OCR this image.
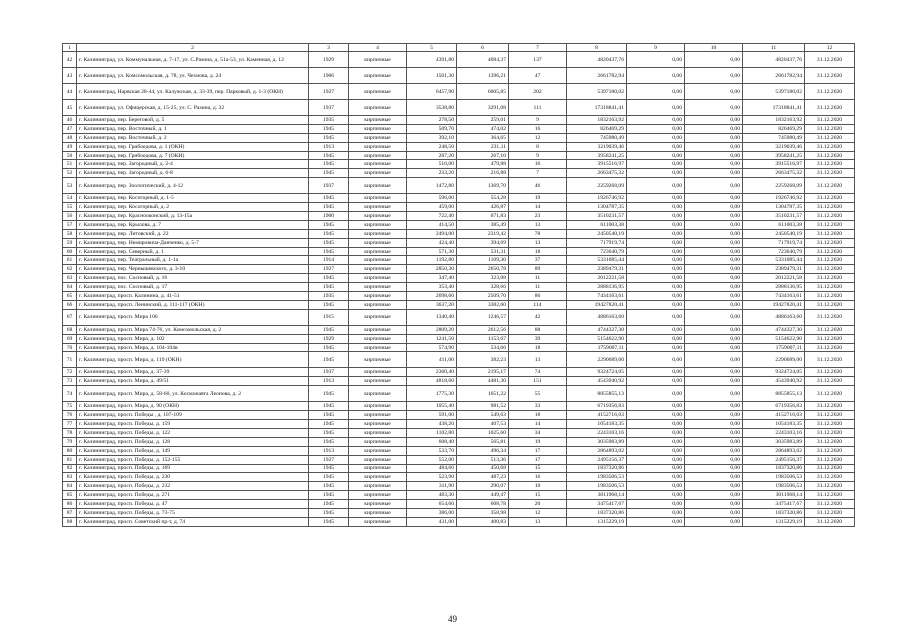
1	2	3	4	5	6	7	8	9	10	11	12
42	г. Калининград, ул. Коммунальная, д. 7-17, ул. С.Разина, д. 51а-53, ул. Каменная, д. 12	1929	кирпичные	4391,80	4084,37	137	4820437,76	0,00	0,00	4820437,76	31.12.2020
43	г. Калининград, ул. Комсомольская, д. 78, ул. Чехнова, д. 24	1906	кирпичные	1501,30	1396,21	47	2661782,94	0,00	0,00	2661782,94	31.12.2020
44	г. Калининград, Нарвская 28-44, ул. Калужская, д. 33-39, пер. Парковый, д. 1-3 (ОКН)	1927	кирпичные	6457,90	6005,85	202	5397180,02	0,00	0,00	5397180,02	31.12.2020
45	г. Калининград, ул. Офицерская, д. 15-25, ул. С. Разина, д. 32	1937	кирпичные	3538,80	3291,08	111	17318841,41	0,00	0,00	17318841,41	31.12.2020
46	г. Калининград, пер. Береговой, д. 5	1935	кирпичные	278,50	259,01	9	1832163,92	0,00	0,00	1832163,92	31.12.2020
47	г. Калининград, пер. Восточный, д. 1	1945	кирпичные	509,70	474,02	16	826469,29	0,00	0,00	826469,29	31.12.2020
48	г. Калининград, пер. Восточный, д. 2	1945	кирпичные	392,10	364,65	12	745980,49	0,00	0,00	745980,49	31.12.2020
49	г. Калининград, пер. Грибоедова, д. 1 (ОКН)	1913	кирпичные	248,50	231,11	8	3219039,46	0,00	0,00	3219039,46	31.12.2020
50	г. Калининград, пер. Грибоедова, д. 7 (ОКН)	1945	кирпичные	287,20	267,10	9	3958241,25	0,00	0,00	3958241,25	31.12.2020
51	г. Калининград, пер. Загородный, д. 2-4	1945	кирпичные	516,00	479,88	16	3915516,97	0,00	0,00	3915516,97	31.12.2020
52	г. Калининград, пер. Загородный, д. 6-8	1945	кирпичные	233,20	216,88	7	2663475,32	0,00	0,00	2663475,32	31.12.2020
53	г. Калининград, пер. Зоологический, д. 4-12	1937	кирпичные	1472,80	1369,70	46	2259268,09	0,00	0,00	2259268,09	31.12.2020
54	г. Калининград, пер. Косогорный, д. 1-5	1945	кирпичные	596,00	554,28	19	1926746,92	0,00	0,00	1926746,92	31.12.2020
55	г. Калининград, пер. Косогорный, д. 2	1945	кирпичные	459,00	426,87	14	1304787,35	0,00	0,00	1304787,35	31.12.2020
56	г. Калининград, пер. Краснооконский, д. 13-15а	1900	кирпичные	722,40	671,83	23	3510231,57	0,00	0,00	3510231,57	31.12.2020
57	г. Калининград, пер. Крылова, д. 7	1945	кирпичные	414,50	385,49	13	611003,38	0,00	0,00	611003,38	31.12.2020
58	г. Калининград, пер. Литовский, д. 22	1945	кирпичные	2494,00	2319,42	78	2450540,19	0,00	0,00	2450540,19	31.12.2020
59	г. Калининград, пер. Немировича-Данченко, д. 5-7	1945	кирпичные	424,40	394,69	13	717919,74	0,00	0,00	717919,74	31.12.2020
60	г. Калининград, пер. Северный, д. 1	1945	кирпичные	571,30	531,31	18	723640,79	0,00	0,00	723640,79	31.12.2020
61	г. Калининград, пер. Театральный, д. 1-1а	1914	кирпичные	1192,80	1109,30	37	5331085,44	0,00	0,00	5331085,44	31.12.2020
62	г. Калининград, пер. Чернышевского, д. 3-10	1927	кирпичные	2850,30	2650,78	89	2389479,31	0,00	0,00	2389479,31	31.12.2020
63	г. Калининград, пос. Сосновый, д. 16	1945	кирпичные	347,40	323,08	11	2012221,58	0,00	0,00	2012221,58	31.12.2020
64	г. Калининград, пос. Сосновый, д. 17	1945	кирпичные	353,40	328,66	11	2888136,95	0,00	0,00	2888136,95	31.12.2020
65	г. Калининград, просп. Калинина, д. 41-51	1935	кирпичные	2698,60	2509,70	86	7434163,61	0,00	0,00	7434163,61	31.12.2020
66	г. Калининград, просп. Ленинский, д. 111-117 (ОКН)	1945	кирпичные	3637,20	3382,60	114	19427820,41	0,00	0,00	19427820,41	31.12.2020
67	г. Калининград, просп. Мира 106	1915	кирпичные	1340,40	1246,57	42	4886163,60	0,00	0,00	4886163,60	31.12.2020
68	г. Калининград, просп. Мира 74-76, ул. Комсомольская, д. 2	1945	кирпичные	2809,20	2612,56	88	4744327,30	0,00	0,00	4744327,30	31.12.2020
69	г. Калининград, просп. Мира, д. 102	1929	кирпичные	1241,50	1153,67	39	5154622,90	0,00	0,00	5154622,90	31.12.2020
70	г. Калининград, просп. Мира, д. 104-104в	1945	кирпичные	574,90	534,66	18	1759007,11	0,00	0,00	1759007,11	31.12.2020
71	г. Калининград, просп. Мира, д. 119 (ОКН)	1945	кирпичные	411,00	382,23	13	2290689,00	0,00	0,00	2290689,00	31.12.2020
72	г. Калининград, просп. Мира, д. 37-39	1937	кирпичные	2360,40	2195,17	74	9324724,05	0,00	0,00	9324724,05	31.12.2020
73	г. Калининград, просп. Мира, д. 49/51	1913	кирпичные	4818,60	4481,30	151	4543940,92	0,00	0,00	4543940,92	31.12.2020
74	г. Калининград, просп. Мира, д. 58-60, ул. Космонавта Леонова, д. 2	1945	кирпичные	1775,30	1651,22	55	8855855,13	0,00	0,00	8855855,13	31.12.2020
75	г. Калининград, просп. Мира, д. 90 (ОКН)	1945	кирпичные	1055,40	981,52	33	6719356,83	0,00	0,00	6719356,83	31.12.2020
76	г. Калининград, просп. Победы , д. 107-109	1945	кирпичные	591,00	549,63	18	4152716,03	0,00	0,00	4152716,03	31.12.2020
77	г. Калининград, просп. Победы, д. 159	1945	кирпичные	438,20	407,53	14	1054183,35	0,00	0,00	1054183,35	31.12.2020
78	г. Калининград, просп. Победы, д. 122	1945	кирпичные	1102,80	1025,60	34	2243103,16	0,00	0,00	2243103,16	31.12.2020
79	г. Калининград, просп. Победы, д. 128	1945	кирпичные	608,40	565,81	19	3035983,89	0,00	0,00	3035983,89	31.12.2020
80	г. Калининград, просп. Победы, д. 149	1913	кирпичные	533,70	496,34	17	2864893,02	0,00	0,00	2864893,02	31.12.2020
81	г. Калининград, просп. Победы, д. 152-155	1927	кирпичные	552,00	513,36	17	2495156,37	0,00	0,00	2495156,37	31.12.2020
82	г. Калининград, просп. Победы, д. 169	1945	кирпичные	484,60	450,68	15	1837320,86	0,00	0,00	1837320,86	31.12.2020
83	г. Калининград, просп. Победы, д. 230	1945	кирпичные	523,90	487,23	16	1983506,53	0,00	0,00	1983506,53	31.12.2020
84	г. Калининград, просп. Победы, д. 232	1945	кирпичные	311,90	290,07	10	1983506,53	0,00	0,00	1983506,53	31.12.2020
85	г. Калининград, просп. Победы, д. 271	1945	кирпичные	483,30	449,47	15	3011968,14	0,00	0,00	3011968,14	31.12.2020
86	г. Калининград, просп. Победы, д. 47	1945	кирпичные	654,60	608,78	20	3475417,67	0,00	0,00	3475417,67	31.12.2020
87	г. Калининград, просп. Победы, д. 73-75	1945	кирпичные	386,00	358,98	12	1837320,86	0,00	0,00	1837320,86	31.12.2020
88	г. Калининград, просп. Советский пр-т, д. 74	1945	кирпичные	431,00	400,83	13	1315229,19	0,00	0,00	1315229,19	31.12.2020
49
